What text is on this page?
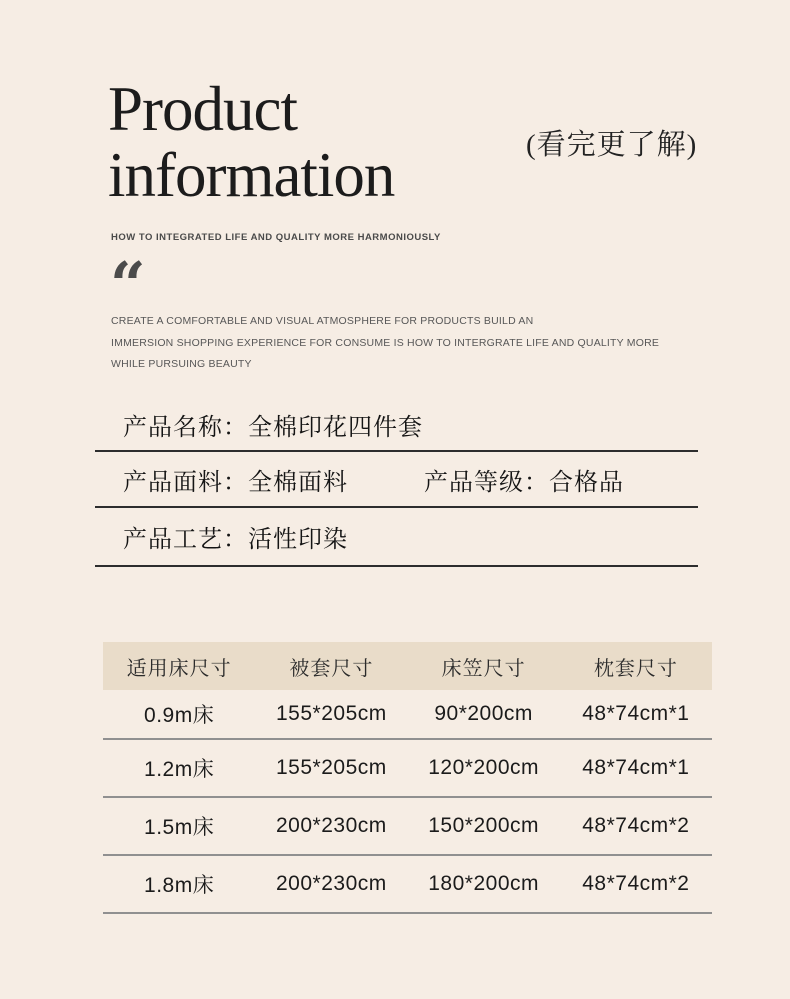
Product
information	(看完更了解)
HOW TO INTEGRATED LIFE AND QUALITY MORE HARMONIOUSLY
“
CREATE A COMFORTABLE AND VISUAL ATMOSPHERE FOR PRODUCTS BUILD AN
IMMERSION SHOPPING EXPERIENCE FOR CONSUME IS HOW TO INTERGRATE LIFE AND QUALITY MORE
WHILE PURSUING BEAUTY
产品名称： 全棉印花四件套
产品面料： 全棉面料	产品等级： 合格品
产品工艺： 活性印染
适用床尺寸	被套尺寸	床笠尺寸	枕套尺寸
0.9m床	155*205cm	90*200cm	48*74cm*1
1.2m床	155*205cm	120*200cm	48*74cm*1
1.5m床	200*230cm	150*200cm	48*74cm*2
1.8m床	200*230cm	180*200cm	48*74cm*2
